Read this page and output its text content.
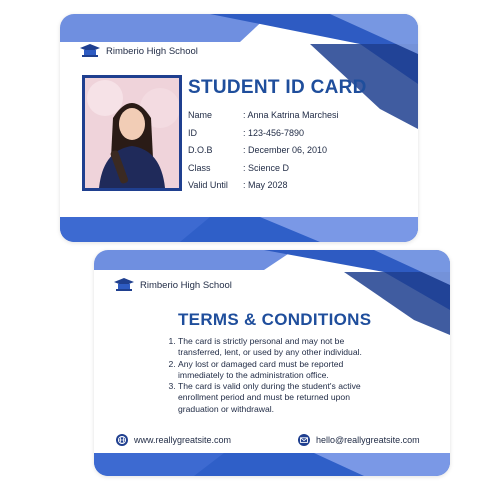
Rimberio High School
STUDENT ID CARD
Name	: Anna Katrina Marchesi
ID	: 123-456-7890
D.O.B	: December 06, 2010
Class	: Science D
Valid Until	: May 2028
Rimberio High School
TERMS & CONDITIONS
1. The card is strictly personal and may not be transferred, lent, or used by any other individual.
2. Any lost or damaged card must be reported immediately to the administration office.
3. The card is valid only during the student's active enrollment period and must be returned upon graduation or withdrawal.
www.reallygreatsite.com	hello@reallygreatsite.com
